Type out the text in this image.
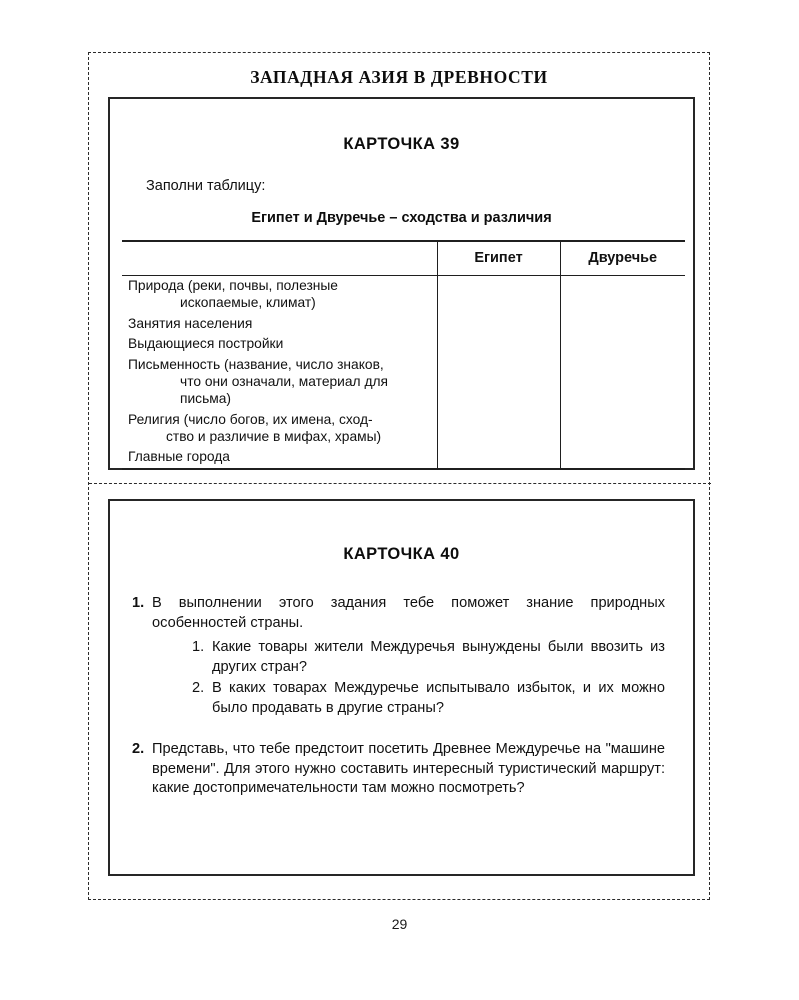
ЗАПАДНАЯ АЗИЯ В ДРЕВНОСТИ
КАРТОЧКА 39
Заполни таблицу:
Египет и Двуречье – сходства и различия
	Египет	Двуречье

Природа (реки, почвы, полезные
ископаемые, климат)		

Занятия населения		

Выдающиеся постройки		

Письменность (название, число знаков,
что они означали, материал для
письма)		

Религия (число богов, их имена, сход-
ство и различие в мифах, храмы)		

Главные города		

КАРТОЧКА 40
1. В выполнении этого задания тебе поможет знание природных особенностей страны.

1. Какие товары жители Междуречья вынуждены были ввозить из других стран?
2. В каких товарах Междуречье испытывало избыток, и их можно было продавать в другие страны?
2. Представь, что тебе предстоит посетить Древнее Междуречье на "машине времени". Для этого нужно составить интересный туристический маршрут: какие достопримечательности там можно посмотреть?

29
